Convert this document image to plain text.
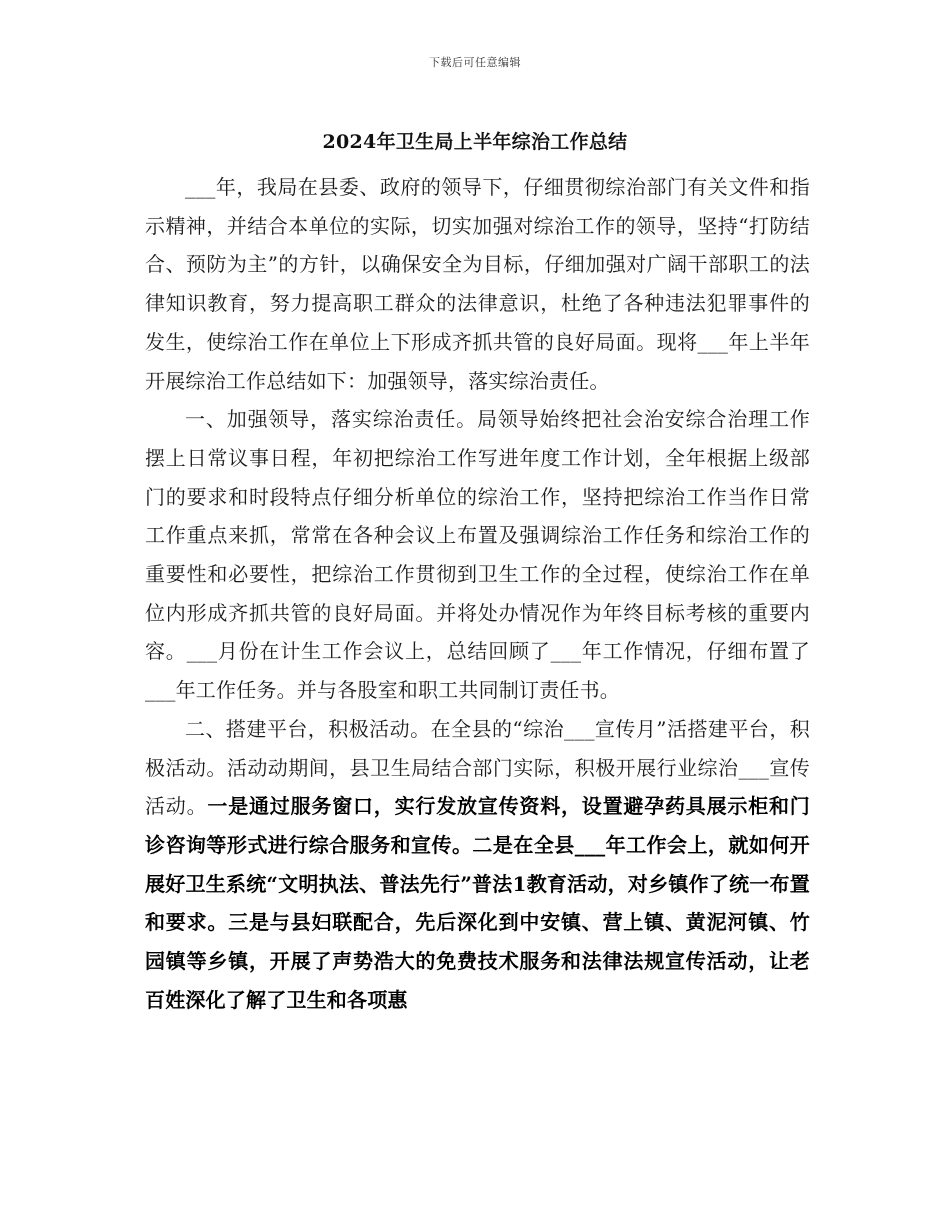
下载后可任意编辑
2024年卫生局上半年综治工作总结

___年，我局在县委、政府的领导下，仔细贯彻综治部门有关文件和指示精神，并结合本单位的实际，切实加强对综治工作的领导，坚持“打防结合、预防为主”的方针，以确保安全为目标，仔细加强对广阔干部职工的法律知识教育，努力提高职工群众的法律意识，杜绝了各种违法犯罪事件的发生，使综治工作在单位上下形成齐抓共管的良好局面。现将___年上半年开展综治工作总结如下：加强领导，落实综治责任。

一、加强领导，落实综治责任。局领导始终把社会治安综合治理工作摆上日常议事日程，年初把综治工作写进年度工作计划，全年根据上级部门的要求和时段特点仔细分析单位的综治工作，坚持把综治工作当作日常工作重点来抓，常常在各种会议上布置及强调综治工作任务和综治工作的重要性和必要性，把综治工作贯彻到卫生工作的全过程，使综治工作在单位内形成齐抓共管的良好局面。并将处办情况作为年终目标考核的重要内容。___月份在计生工作会议上，总结回顾了___年工作情况，仔细布置了___年工作任务。并与各股室和职工共同制订责任书。

二、搭建平台，积极活动。在全县的“综治___宣传月”活搭建平台，积极活动。活动动期间，县卫生局结合部门实际，积极开展行业综治___宣传活动。一是通过服务窗口，实行发放宣传资料，设置避孕药具展示柜和门诊咨询等形式进行综合服务和宣传。二是在全县___年工作会上，就如何开展好卫生系统“文明执法、普法先行”普法1教育活动，对乡镇作了统一布置和要求。三是与县妇联配合，先后深化到中安镇、营上镇、黄泥河镇、竹园镇等乡镇，开展了声势浩大的免费技术服务和法律法规宣传活动，让老百姓深化了解了卫生和各项惠
